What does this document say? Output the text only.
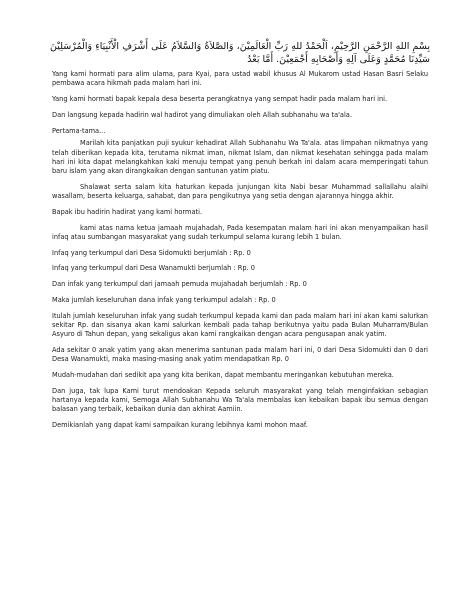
بِسْمِ اللهِ الرَّحْمَنِ الرَّحِيْمِ، اَلْحَمْدُ للهِ رَبِّ الْعَالَمِيْنَ، وَالصَّلاَةُ وَالسَّلاَمُ عَلَى أَشْرَفِ الْأَنْبِيَاءِ وَالْمُرْسَلِيْنَ سَيِّدِنَا مُحَمَّدٍ وَعَلَى آلِهِ وَأَصْحَابِهِ أَجْمَعِيْنَ. أَمَّا بَعْدُ

Yang kami hormati para alim ulama, para Kyai, para ustad wabil khusus Al Mukarom ustad Hasan Basri Selaku pembawa acara hikmah pada malam hari ini.

Yang kami hormati bapak kepala desa beserta perangkatnya yang sempat hadir pada malam hari ini.

Dan langsung kepada hadirin wal hadirot yang dimuliakan oleh Allah subhanahu wa ta'ala.

Pertama-tama...

Marilah kita panjatkan puji syukur kehadirat Allah Subhanahu Wa Ta'ala. atas limpahan nikmatnya yang telah diberikan kepada kita, terutama nikmat iman, nikmat Islam, dan nikmat kesehatan sehingga pada malam hari ini kita dapat melangkahkan kaki menuju tempat yang penuh berkah ini dalam acara memperingati tahun baru islam yang akan dirangkaikan dengan santunan yatim piatu.

Shalawat serta salam kita haturkan kepada junjungan kita Nabi besar Muhammad sallallahu alaihi wasallam, beserta keluarga, sahabat, dan para pengikutnya yang setia dengan ajarannya hingga akhir.

Bapak ibu hadirin hadirat yang kami hormati.

kami atas nama ketua jamaah mujahadah, Pada kesempatan malam hari ini akan menyampaikan hasil infaq atau sumbangan masyarakat yang sudah terkumpul selama kurang lebih 1 bulan.

Infaq yang terkumpul dari Desa Sidomukti berjumlah : Rp. 0

Infaq yang terkumpul dari Desa Wanamukti berjumlah : Rp. 0

Dan infak yang terkumpul dari jamaah pemuda mujahadah berjumlah : Rp. 0

Maka jumlah keseluruhan dana infak yang terkumpul adalah : Rp. 0

Itulah jumlah keseluruhan infak yang sudah terkumpul kepada kami dan pada malam hari ini akan kami salurkan sekitar Rp. dan sisanya akan kami salurkan kembali pada tahap berikutnya yaitu pada Bulan Muharram/Bulan Asyuro di Tahun depan, yang sekaligus akan kami rangkaikan dengan acara pengusapan anak yatim.

Ada sekitar 0 anak yatim yang akan menerima santunan pada malam hari ini, 0 dari Desa Sidomukti dan 0 dari Desa Wanamukti, maka masing-masing anak yatim mendapatkan Rp. 0

Mudah-mudahan dari sedikit apa yang kita berikan, dapat membantu meringankan kebutuhan mereka.

Dan juga, tak lupa Kami turut mendoakan Kepada seluruh masyarakat yang telah menginfakkan sebagian hartanya kepada kami, Semoga Allah Subhanahu Wa Ta'ala membalas kan kebaikan bapak ibu semua dengan balasan yang terbaik, kebaikan dunia dan akhirat Aamiin.

Demikianlah yang dapat kami sampaikan kurang lebihnya kami mohon maaf.
